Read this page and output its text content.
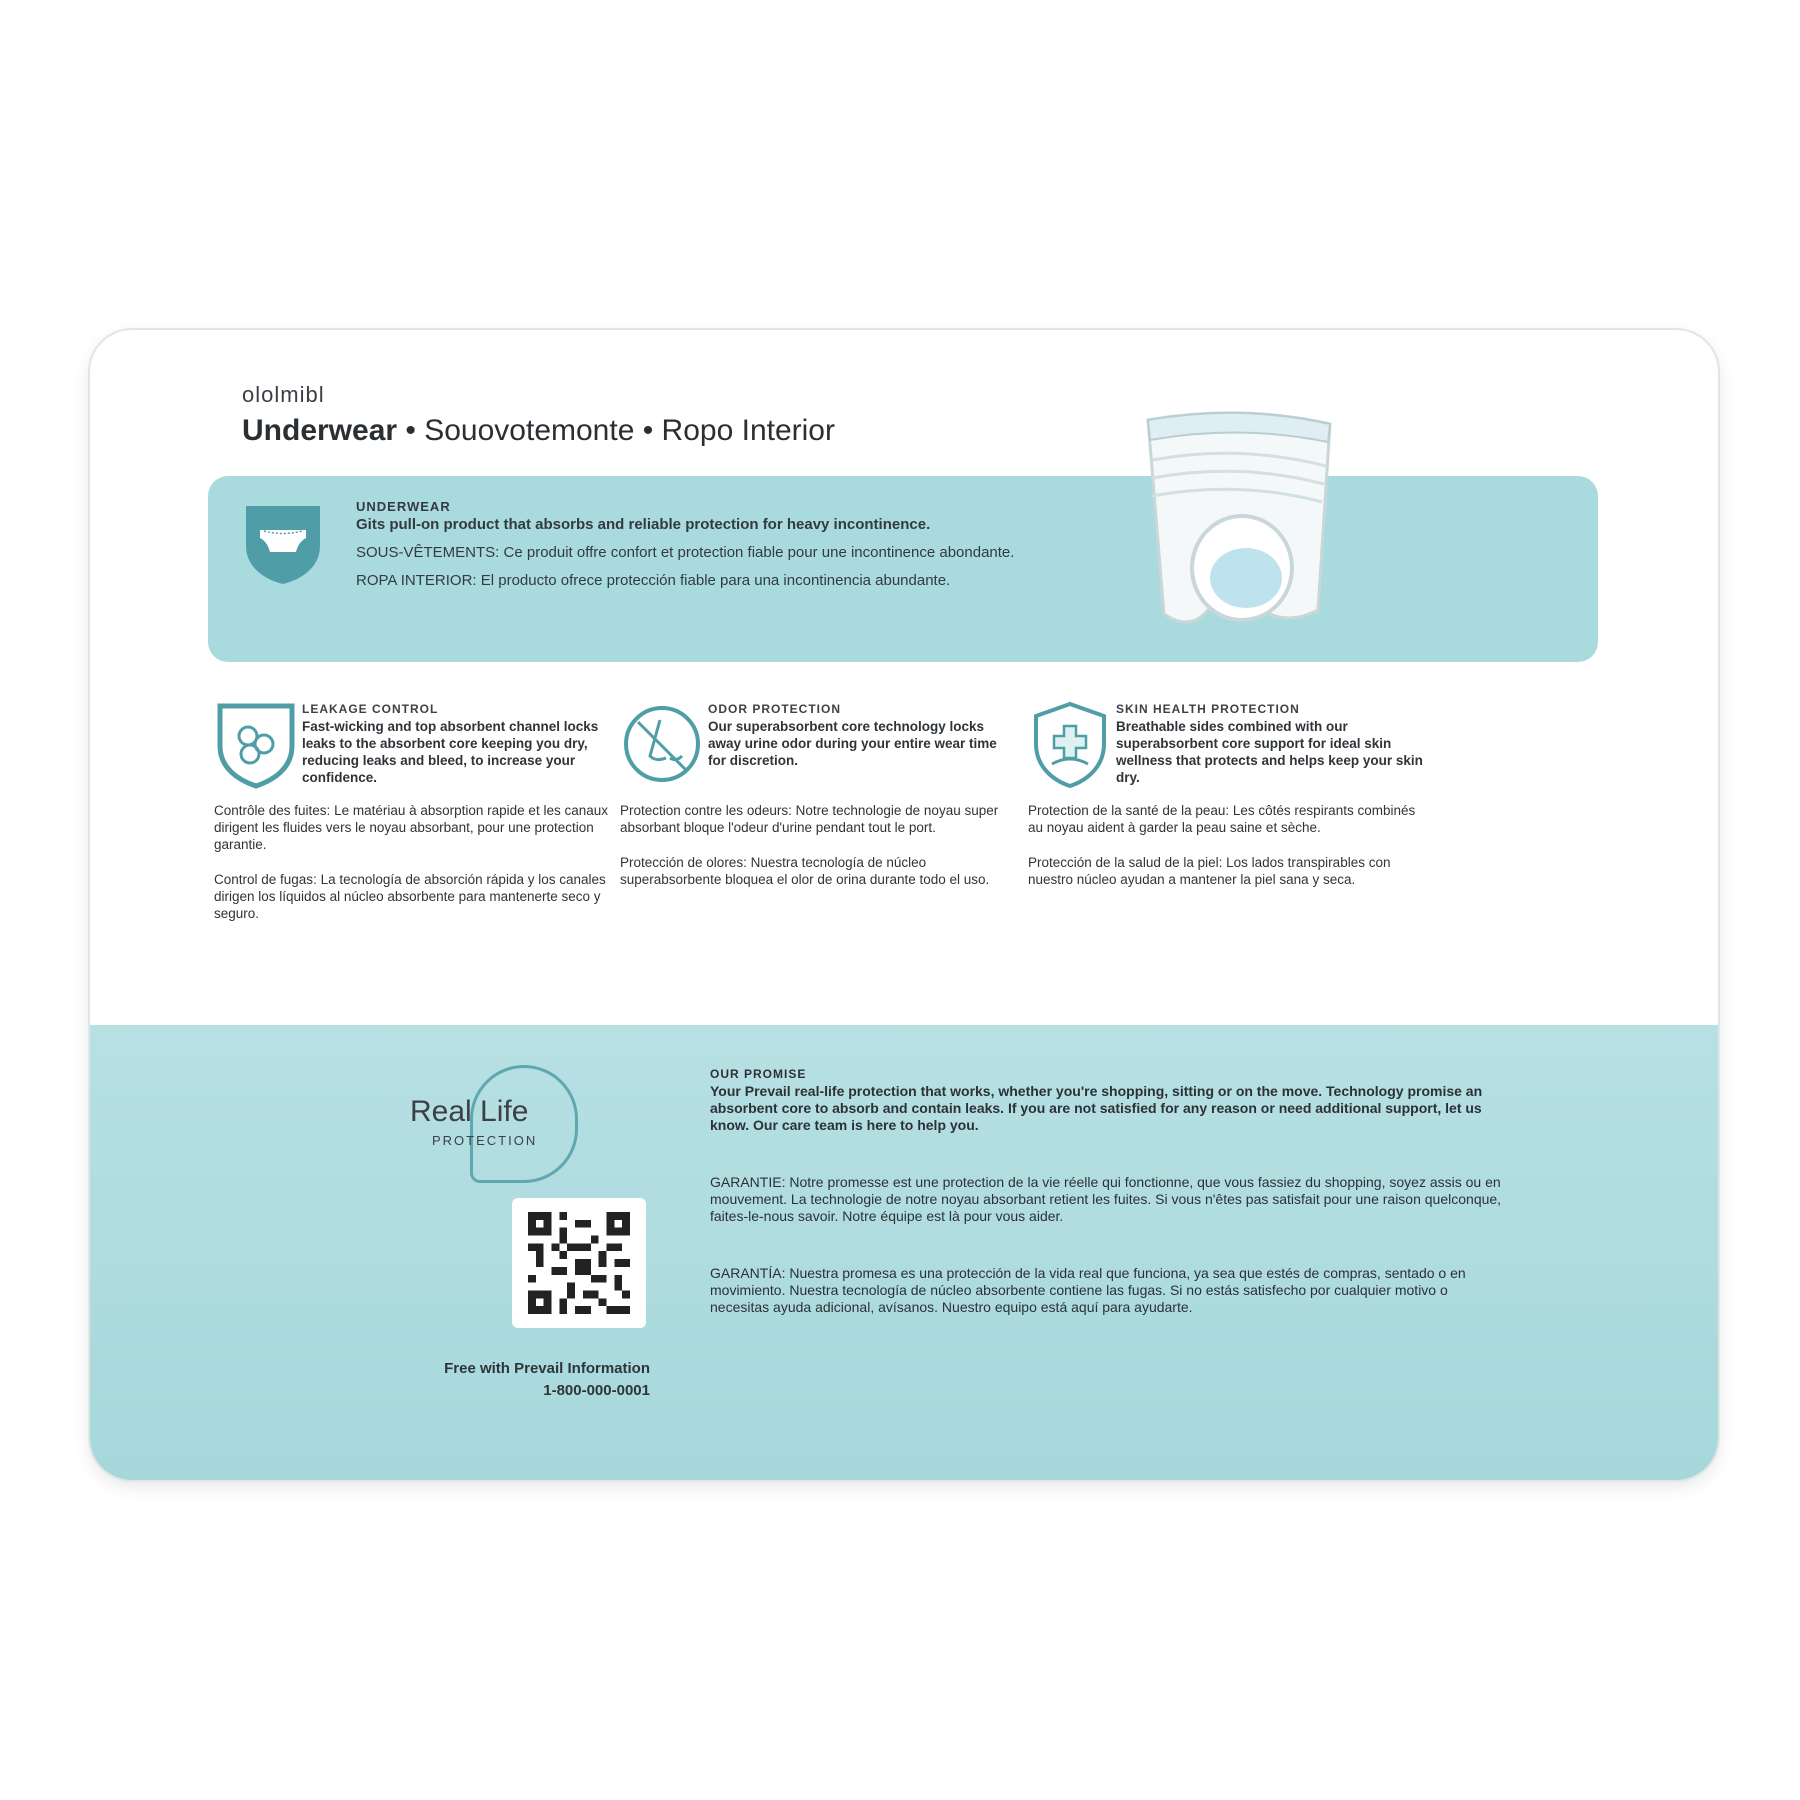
ololmibl
Underwear • Souovotemonte • Ropo Interior

UNDERWEAR
Gits pull-on product that absorbs and reliable protection for heavy incontinence.

SOUS-VÊTEMENTS: Ce produit offre confort et protection fiable pour une incontinence abondante.

ROPA INTERIOR: El producto ofrece protección fiable para una incontinencia abundante.

LEAKAGE CONTROL
Fast-wicking and top absorbent channel locks leaks to the absorbent core keeping you dry, reducing leaks and bleed, to increase your confidence.

Contrôle des fuites: Le matériau à absorption rapide et les canaux dirigent les fluides vers le noyau absorbant, pour une protection garantie.

Control de fugas: La tecnología de absorción rápida y los canales dirigen los líquidos al núcleo absorbente para mantenerte seco y seguro.

ODOR PROTECTION
Our superabsorbent core technology locks away urine odor during your entire wear time for discretion.

Protection contre les odeurs: Notre technologie de noyau super absorbant bloque l'odeur d'urine pendant tout le port.

Protección de olores: Nuestra tecnología de núcleo superabsorbente bloquea el olor de orina durante todo el uso.

SKIN HEALTH PROTECTION
Breathable sides combined with our superabsorbent core support for ideal skin wellness that protects and helps keep your skin dry.

Protection de la santé de la peau: Les côtés respirants combinés au noyau aident à garder la peau saine et sèche.

Protección de la salud de la piel: Los lados transpirables con nuestro núcleo ayudan a mantener la piel sana y seca.

Real Life
PROTECTION
Free with Prevail Information
1-800-000-0001

OUR PROMISE
Your Prevail real-life protection that works, whether you're shopping, sitting or on the move. Technology promise an absorbent core to absorb and contain leaks. If you are not satisfied for any reason or need additional support, let us know. Our care team is here to help you.

GARANTIE: Notre promesse est une protection de la vie réelle qui fonctionne, que vous fassiez du shopping, soyez assis ou en mouvement. La technologie de notre noyau absorbant retient les fuites. Si vous n'êtes pas satisfait pour une raison quelconque, faites-le-nous savoir. Notre équipe est là pour vous aider.

GARANTÍA: Nuestra promesa es una protección de la vida real que funciona, ya sea que estés de compras, sentado o en movimiento. Nuestra tecnología de núcleo absorbente contiene las fugas. Si no estás satisfecho por cualquier motivo o necesitas ayuda adicional, avísanos. Nuestro equipo está aquí para ayudarte.
